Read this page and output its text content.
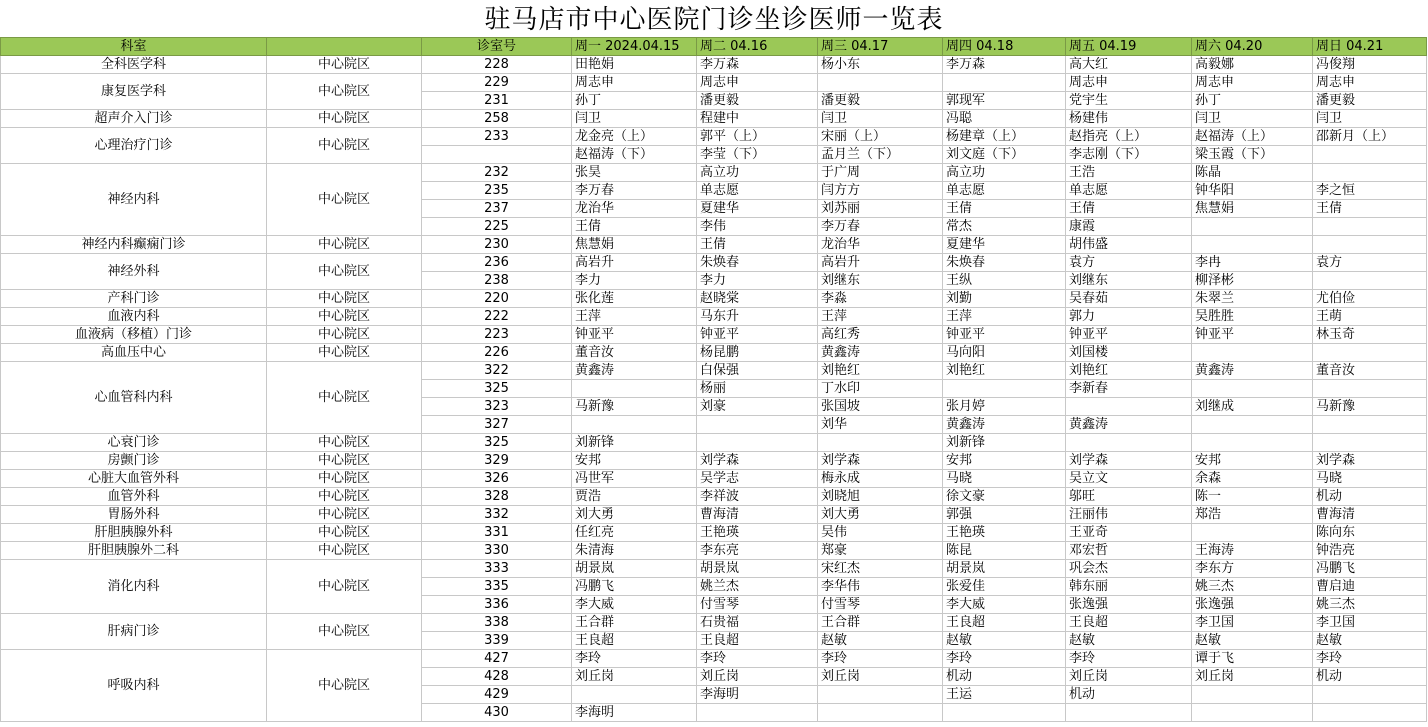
驻马店市中心医院门诊坐诊医师一览表
科室		诊室号	周一 2024.04.15	周二 04.16	周三 04.17	周四 04.18	周五 04.19	周六 04.20	周日 04.21
全科医学科	中心院区	228	田艳娟	李万森	杨小东	李万森	高大红	高毅娜	冯俊翔
康复医学科	中心院区	229	周志申	周志申			周志申	周志申	周志申
		231	孙丁	潘更毅	潘更毅	郭现军	党宇生	孙丁	潘更毅
超声介入门诊	中心院区	258	闫卫	程建中	闫卫	冯聪	杨建伟	闫卫	闫卫
心理治疗门诊	中心院区	233	龙金亮（上）	郭平（上）	宋丽（上）	杨建章（上）	赵指亮（上）	赵福涛（上）	邵新月（上）
			赵福涛（下）	李莹（下）	孟月兰（下）	刘文庭（下）	李志刚（下）	梁玉霞（下）	
神经内科	中心院区	232	张昊	高立功	于广周	高立功	王浩	陈晶	
		235	李万春	单志愿	闫方方	单志愿	单志愿	钟华阳	李之恒
		237	龙治华	夏建华	刘苏丽	王倩	王倩	焦慧娟	王倩
		225	王倩	李伟	李万春	常杰	康霞		
神经内科癫痫门诊	中心院区	230	焦慧娟	王倩	龙治华	夏建华	胡伟盛		
神经外科	中心院区	236	高岩升	朱焕春	高岩升	朱焕春	袁方	李冉	袁方
		238	李力	李力	刘继东	王纵	刘继东	柳泽彬	
产科门诊	中心院区	220	张化莲	赵晓棠	李淼	刘勤	吴春茹	朱翠兰	尤伯俭
血液内科	中心院区	222	王萍	马东升	王萍	王萍	郭力	吴胜胜	王萌
血液病（移植）门诊	中心院区	223	钟亚平	钟亚平	高红秀	钟亚平	钟亚平	钟亚平	林玉奇
高血压中心	中心院区	226	董音汝	杨昆鹏	黄鑫涛	马向阳	刘国楼		
心血管科内科	中心院区	322	黄鑫涛	白保强	刘艳红	刘艳红	刘艳红	黄鑫涛	董音汝
		325		杨丽	丁水印		李新春		
		323	马新豫	刘豪	张国坡	张月婷		刘继成	马新豫
		327			刘华	黄鑫涛	黄鑫涛		
心衰门诊	中心院区	325	刘新锋			刘新锋			
房颤门诊	中心院区	329	安邦	刘学森	刘学森	安邦	刘学森	安邦	刘学森
心脏大血管外科	中心院区	326	冯世军	吴学志	梅永成	马晓	吴立文	余森	马晓
血管外科	中心院区	328	贾浩	李祥波	刘晓旭	徐文豪	邬旺	陈一	机动
胃肠外科	中心院区	332	刘大勇	曹海清	刘大勇	郭强	汪丽伟	郑浩	曹海清
肝胆胰腺外科	中心院区	331	任红亮	王艳瑛	吴伟	王艳瑛	王亚奇		陈向东
肝胆胰腺外二科	中心院区	330	朱清海	李东亮	郑豪	陈昆	邓宏哲	王海涛	钟浩亮
消化内科	中心院区	333	胡景岚	胡景岚	宋红杰	胡景岚	巩会杰	李东方	冯鹏飞
		335	冯鹏飞	姚兰杰	李华伟	张爱佳	韩东丽	姚三杰	曹启迪
		336	李大威	付雪琴	付雪琴	李大威	张逸强	张逸强	姚三杰
肝病门诊	中心院区	338	王合群	石贵福	王合群	王良超	王良超	李卫国	李卫国
		339	王良超	王良超	赵敏	赵敏	赵敏	赵敏	赵敏
呼吸内科	中心院区	427	李玲	李玲	李玲	李玲	李玲	谭于飞	李玲
		428	刘丘岗	刘丘岗	刘丘岗	机动	刘丘岗	刘丘岗	机动
		429		李海明		王运	机动		
		430	李海明						
